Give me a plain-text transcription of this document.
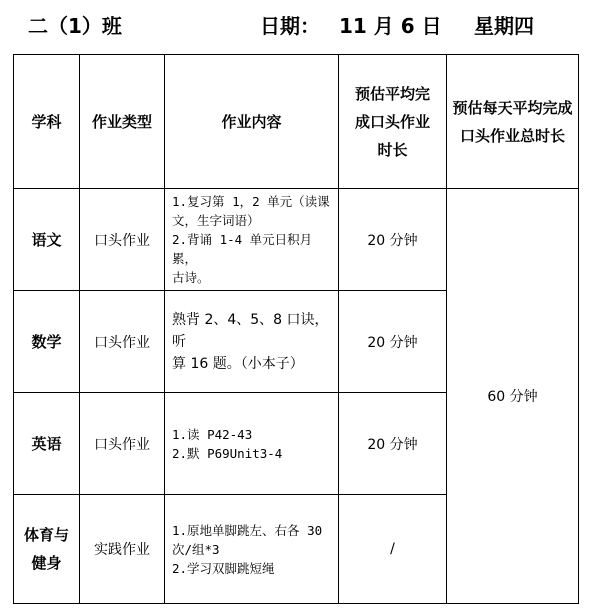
二（1）班	日期： 11 月 6 日 星期四
学科	作业类型	作业内容	预估平均完
成口头作业
时长	预估每天平均完成
口头作业总时长

语文	口头作业	1.复习第 1，2 单元（读课
文，生字词语）
2.背诵 1-4 单元日积月累，
古诗。	20 分钟	60 分钟

数学	口头作业	熟背 2、4、5、8 口诀，听
算 16 题。（小本子）	20 分钟	

英语	口头作业	1.读 P42-43
2.默 P69Unit3-4	20 分钟	

体育与
健身	实践作业	1.原地单脚跳左、右各 30
次/组*3
2.学习双脚跳短绳	/	
